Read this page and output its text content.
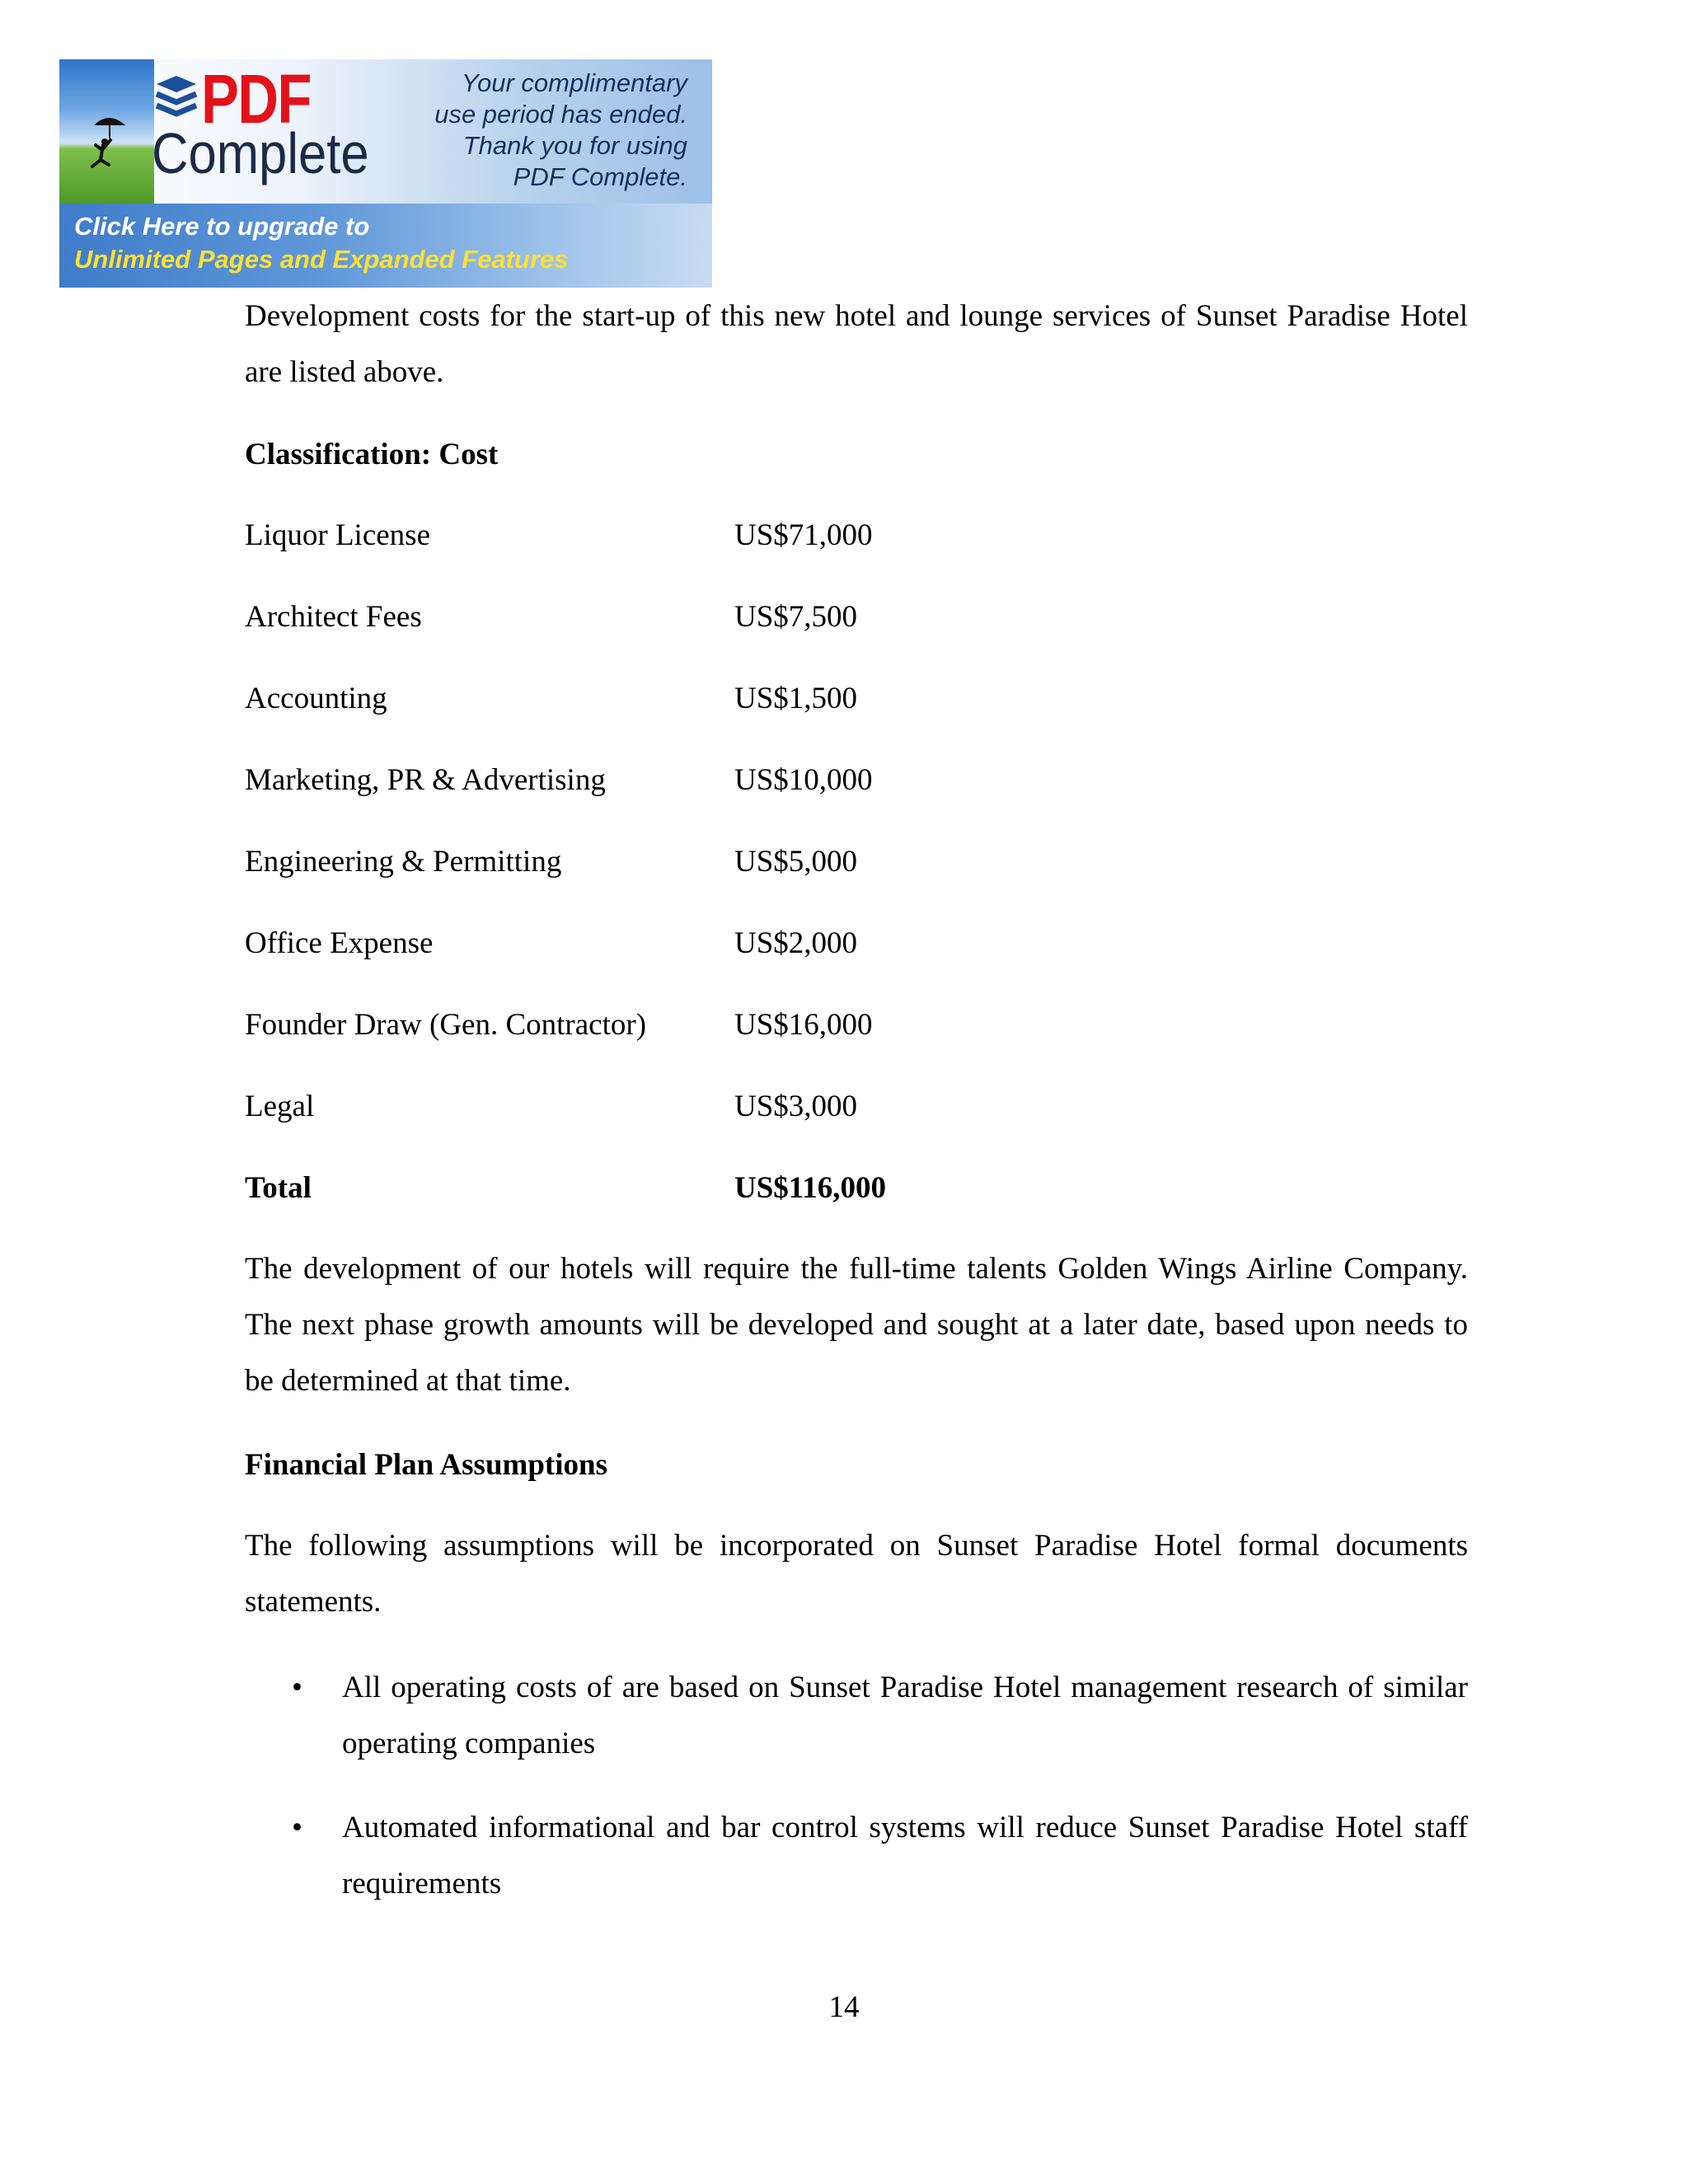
PDF
Complete
Your complimentary
use period has ended.
Thank you for using
PDF Complete.
Click Here to upgrade to
Unlimited Pages and Expanded Features
Development costs for the start-up of this new hotel and lounge services of Sunset Paradise Hotel are listed above.
Classification: Cost
Liquor License	US$71,000
Architect Fees	US$7,500
Accounting	US$1,500
Marketing, PR & Advertising	US$10,000
Engineering & Permitting	US$5,000
Office Expense	US$2,000
Founder Draw (Gen. Contractor)	US$16,000
Legal	US$3,000
Total	US$116,000
The development of our hotels will require the full-time talents Golden Wings Airline Company. The next phase growth amounts will be developed and sought at a later date, based upon needs to be determined at that time.
Financial Plan Assumptions
The following assumptions will be incorporated on Sunset Paradise Hotel formal documents statements.
• All operating costs of are based on Sunset Paradise Hotel management research of similar operating companies
• Automated informational and bar control systems will reduce Sunset Paradise Hotel staff requirements
14
